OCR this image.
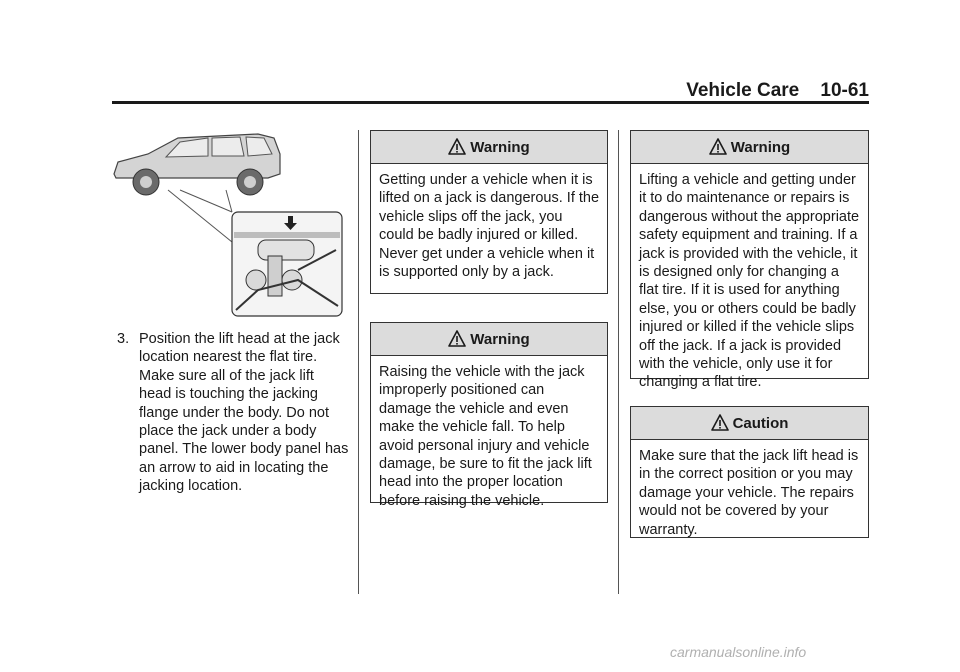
Vehicle Care 10-61
3. Position the lift head at the jack location nearest the flat tire. Make sure all of the jack lift head is touching the jacking flange under the body. Do not place the jack under a body panel. The lower body panel has an arrow to aid in locating the jacking location.
Warning
Getting under a vehicle when it is lifted on a jack is dangerous. If the vehicle slips off the jack, you could be badly injured or killed. Never get under a vehicle when it is supported only by a jack.
Warning
Raising the vehicle with the jack improperly positioned can damage the vehicle and even make the vehicle fall. To help avoid personal injury and vehicle damage, be sure to fit the jack lift head into the proper location before raising the vehicle.
Warning
Lifting a vehicle and getting under it to do maintenance or repairs is dangerous without the appropriate safety equipment and training. If a jack is provided with the vehicle, it is designed only for changing a flat tire. If it is used for anything else, you or others could be badly injured or killed if the vehicle slips off the jack. If a jack is provided with the vehicle, only use it for changing a flat tire.
Caution
Make sure that the jack lift head is in the correct position or you may damage your vehicle. The repairs would not be covered by your warranty.
carmanualsonline.info
